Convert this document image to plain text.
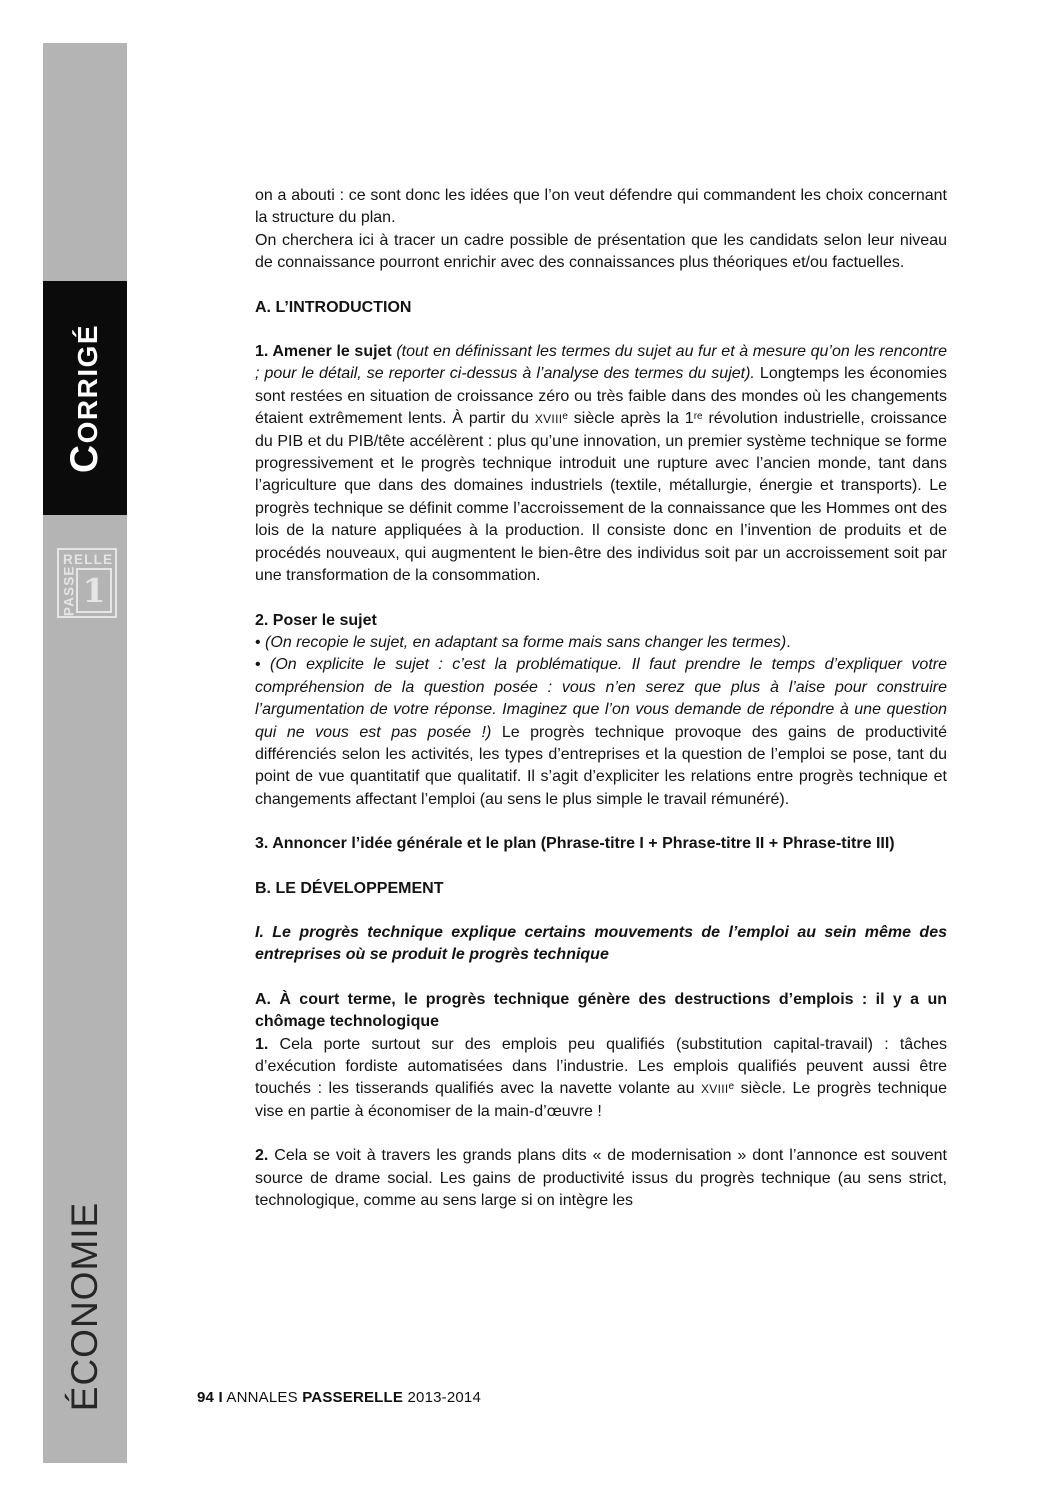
CORRIGÉ
RELLE
PASSE 1
ÉCONOMIE

on a abouti : ce sont donc les idées que l’on veut défendre qui commandent les choix concernant la structure du plan.

On cherchera ici à tracer un cadre possible de présentation que les candidats selon leur niveau de connaissance pourront enrichir avec des connaissances plus théoriques et/ou factuelles.

A. L’INTRODUCTION

1. Amener le sujet (tout en définissant les termes du sujet au fur et à mesure qu’on les rencontre ; pour le détail, se reporter ci-dessus à l’analyse des termes du sujet). Longtemps les économies sont restées en situation de croissance zéro ou très faible dans des mondes où les changements étaient extrêmement lents. À partir du XVIIIe siècle après la 1re révolution industrielle, croissance du PIB et du PIB/tête accélèrent : plus qu’une innovation, un premier système technique se forme progressivement et le progrès technique introduit une rupture avec l’ancien monde, tant dans l’agriculture que dans des domaines industriels (textile, métallurgie, énergie et transports). Le progrès technique se définit comme l’accroissement de la connaissance que les Hommes ont des lois de la nature appliquées à la production. Il consiste donc en l’invention de produits et de procédés nouveaux, qui augmentent le bien-être des individus soit par un accroissement soit par une transformation de la consommation.

2. Poser le sujet

• (On recopie le sujet, en adaptant sa forme mais sans changer les termes).

• (On explicite le sujet : c’est la problématique. Il faut prendre le temps d’expliquer votre compréhension de la question posée : vous n’en serez que plus à l’aise pour construire l’argumentation de votre réponse. Imaginez que l’on vous demande de répondre à une question qui ne vous est pas posée !) Le progrès technique provoque des gains de productivité différenciés selon les activités, les types d’entreprises et la question de l’emploi se pose, tant du point de vue quantitatif que qualitatif. Il s’agit d’expliciter les relations entre progrès technique et changements affectant l’emploi (au sens le plus simple le travail rémunéré).

3. Annoncer l’idée générale et le plan (Phrase-titre I + Phrase-titre II + Phrase-titre III)

B. LE DÉVELOPPEMENT

I. Le progrès technique explique certains mouvements de l’emploi au sein même des entreprises où se produit le progrès technique

A. À court terme, le progrès technique génère des destructions d’emplois : il y a un chômage technologique

1. Cela porte surtout sur des emplois peu qualifiés (substitution capital-travail) : tâches d’exécution fordiste automatisées dans l’industrie. Les emplois qualifiés peuvent aussi être touchés : les tisserands qualifiés avec la navette volante au XVIIIe siècle. Le progrès technique vise en partie à économiser de la main-d’œuvre !

2. Cela se voit à travers les grands plans dits « de modernisation » dont l’annonce est souvent source de drame social. Les gains de productivité issus du progrès technique (au sens strict, technologique, comme au sens large si on intègre les

94 I ANNALES PASSERELLE 2013-2014
